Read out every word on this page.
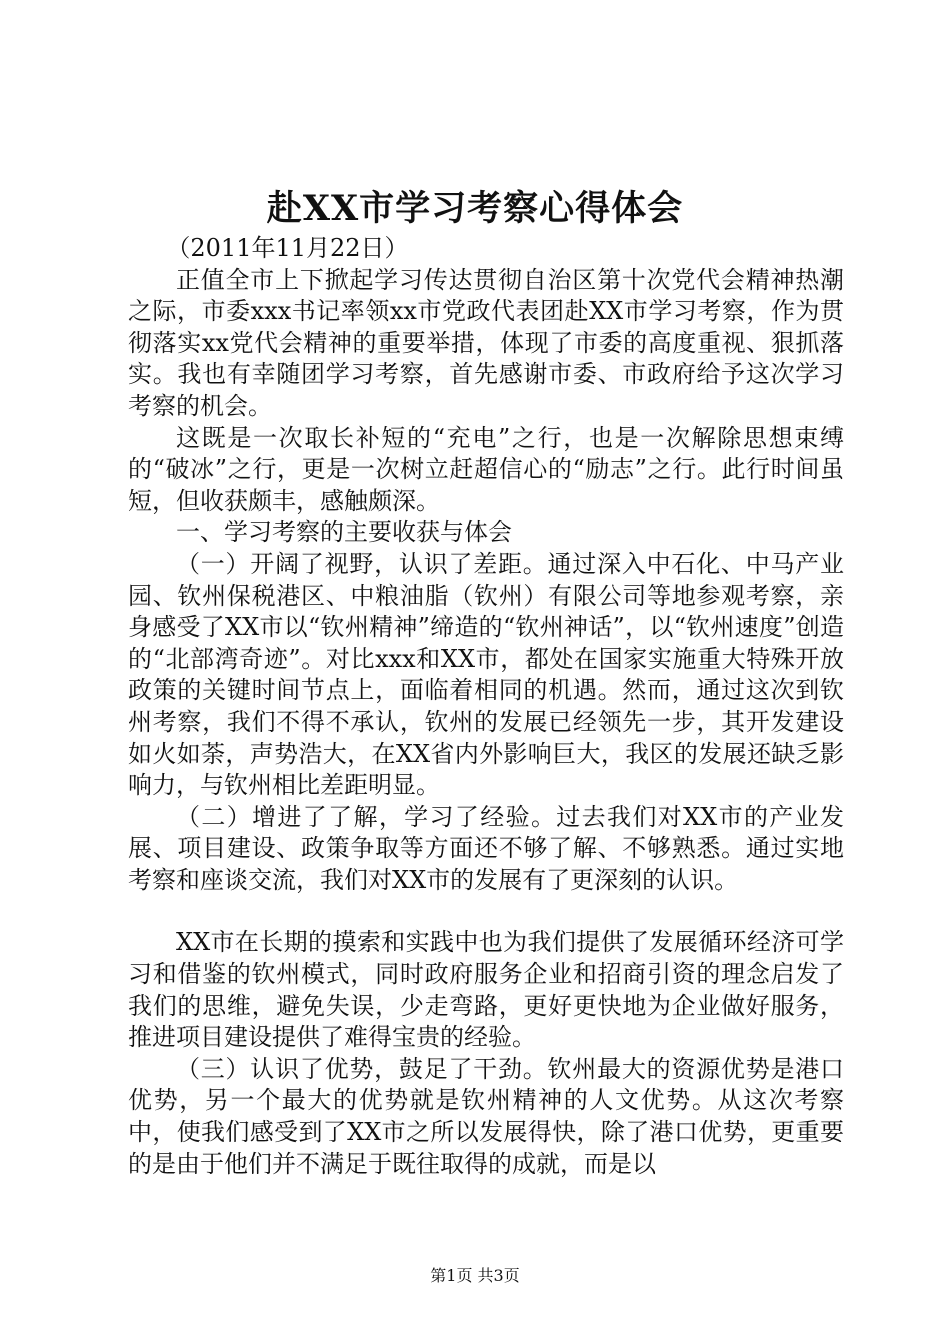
赴XX市学习考察心得体会

（2011年11月22日）

正值全市上下掀起学习传达贯彻自治区第十次党代会精神热潮之际，市委xxx书记率领xx市党政代表团赴XX市学习考察，作为贯彻落实xx党代会精神的重要举措，体现了市委的高度重视、狠抓落实。我也有幸随团学习考察，首先感谢市委、市政府给予这次学习考察的机会。

这既是一次取长补短的“充电”之行，也是一次解除思想束缚的“破冰”之行，更是一次树立赶超信心的“励志”之行。此行时间虽短，但收获颇丰，感触颇深。

一、学习考察的主要收获与体会

（一）开阔了视野，认识了差距。通过深入中石化、中马产业园、钦州保税港区、中粮油脂（钦州）有限公司等地参观考察，亲身感受了XX市以“钦州精神”缔造的“钦州神话”，以“钦州速度”创造的“北部湾奇迹”。对比xxx和XX市，都处在国家实施重大特殊开放政策的关键时间节点上，面临着相同的机遇。然而，通过这次到钦州考察，我们不得不承认，钦州的发展已经领先一步，其开发建设如火如荼，声势浩大，在XX省内外影响巨大，我区的发展还缺乏影响力，与钦州相比差距明显。

（二）增进了了解，学习了经验。过去我们对XX市的产业发展、项目建设、政策争取等方面还不够了解、不够熟悉。通过实地考察和座谈交流，我们对XX市的发展有了更深刻的认识。

XX市在长期的摸索和实践中也为我们提供了发展循环经济可学习和借鉴的钦州模式，同时政府服务企业和招商引资的理念启发了我们的思维，避免失误，少走弯路，更好更快地为企业做好服务，推进项目建设提供了难得宝贵的经验。

（三）认识了优势，鼓足了干劲。钦州最大的资源优势是港口优势，另一个最大的优势就是钦州精神的人文优势。从这次考察中，使我们感受到了XX市之所以发展得快，除了港口优势，更重要的是由于他们并不满足于既往取得的成就，而是以

第1页 共3页
